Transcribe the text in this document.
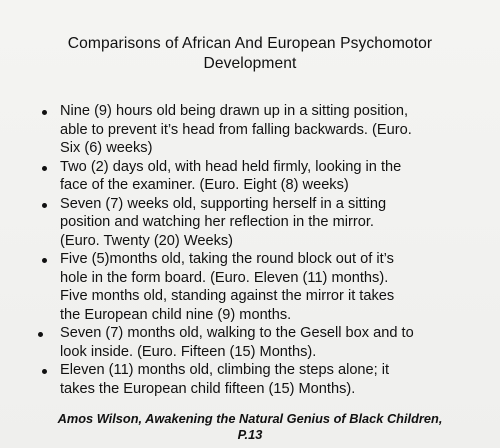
Comparisons of African And European Psychomotor
Development
Nine (9) hours old being drawn up in a sitting position,
able to prevent it’s head from falling backwards. (Euro.
Six (6) weeks)
Two (2) days old, with head held firmly, looking in the
face of the examiner. (Euro. Eight (8) weeks)
Seven (7) weeks old, supporting herself in a sitting
position and watching her reflection in the mirror.
(Euro. Twenty (20) Weeks)
Five (5)months old, taking the round block out of it’s
hole in the form board. (Euro. Eleven (11) months).
Five months old, standing against the mirror it takes
the European child nine (9) months.
Seven (7) months old, walking to the Gesell box and to
look inside. (Euro. Fifteen (15) Months).
Eleven (11) months old, climbing the steps alone; it
takes the European child fifteen (15) Months).

Amos Wilson, Awakening the Natural Genius of Black Children,
P.13
